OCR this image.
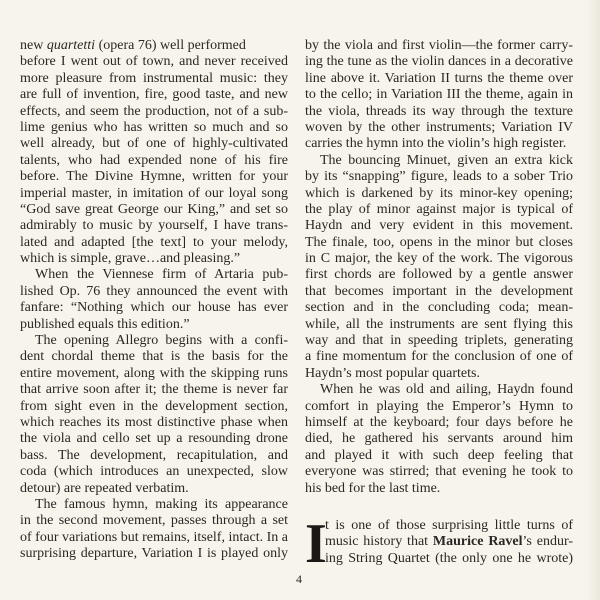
new quartetti (opera 76) well performed
before I went out of town, and never received
more pleasure from instrumental music: they
are full of invention, fire, good taste, and new
effects, and seem the production, not of a sub-
lime genius who has written so much and so
well already, but of one of highly-cultivated
talents, who had expended none of his fire
before. The Divine Hymne, written for your
imperial master, in imitation of our loyal song
“God save great George our King,” and set so
admirably to music by yourself, I have trans-
lated and adapted [the text] to your melody,
which is simple, grave…and pleasing.”
When the Viennese firm of Artaria pub-
lished Op. 76 they announced the event with
fanfare: “Nothing which our house has ever
published equals this edition.”
The opening Allegro begins with a confi-
dent chordal theme that is the basis for the
entire movement, along with the skipping runs
that arrive soon after it; the theme is never far
from sight even in the development section,
which reaches its most distinctive phase when
the viola and cello set up a resounding drone
bass. The development, recapitulation, and
coda (which introduces an unexpected, slow
detour) are repeated verbatim.
The famous hymn, making its appearance
in the second movement, passes through a set
of four variations but remains, itself, intact. In a
surprising departure, Variation I is played only
by the viola and first violin—the former carry-
ing the tune as the violin dances in a decorative
line above it. Variation II turns the theme over
to the cello; in Variation III the theme, again in
the viola, threads its way through the texture
woven by the other instruments; Variation IV
carries the hymn into the violin’s high register.
The bouncing Minuet, given an extra kick
by its “snapping” figure, leads to a sober Trio
which is darkened by its minor-key opening;
the play of minor against major is typical of
Haydn and very evident in this movement.
The finale, too, opens in the minor but closes
in C major, the key of the work. The vigorous
first chords are followed by a gentle answer
that becomes important in the development
section and in the concluding coda; mean-
while, all the instruments are sent flying this
way and that in speeding triplets, generating
a fine momentum for the conclusion of one of
Haydn’s most popular quartets.
When he was old and ailing, Haydn found
comfort in playing the Emperor’s Hymn to
himself at the keyboard; four days before he
died, he gathered his servants around him
and played it with such deep feeling that
everyone was stirred; that evening he took to
his bed for the last time.
t is one of those surprising little turns of
music history that Maurice Ravel’s endur-
ing String Quartet (the only one he wrote)
I
4
